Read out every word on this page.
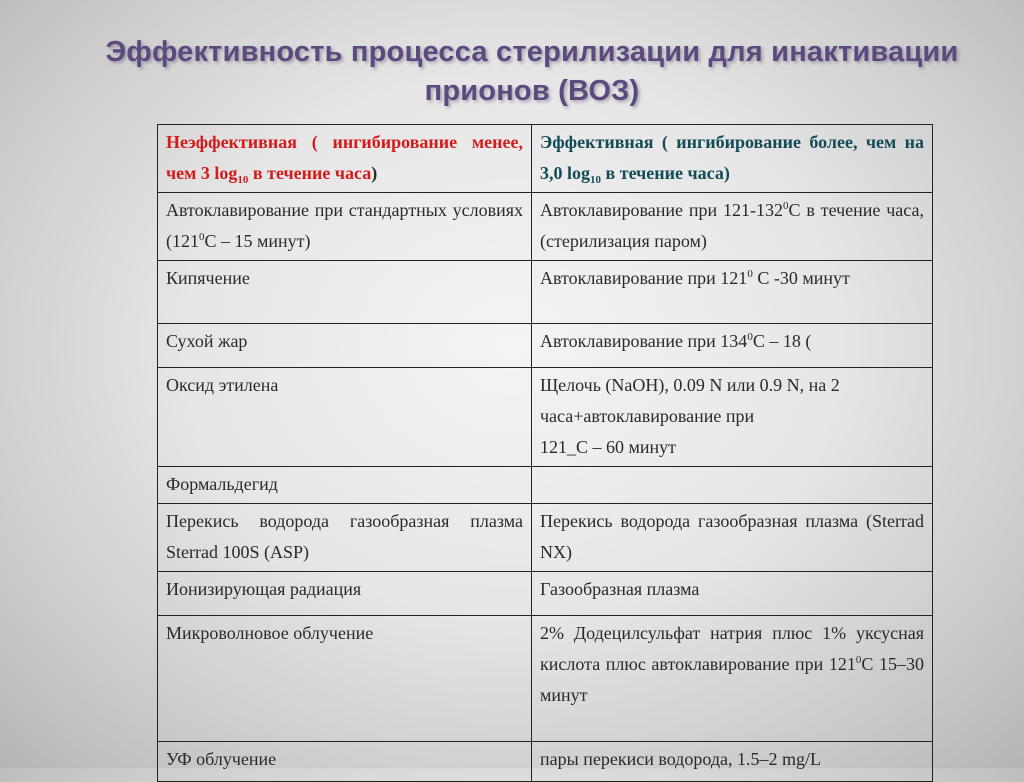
Эффективность процесса стерилизации для инактивации
прионов (ВОЗ)
Неэффективная ( ингибирование менее, чем 3 $\log_{10} в$ течение часа)	Эффективная ( ингибирование более, чем на 3,0 $\log_{10} в$ течение часа)
Автоклавирование при стандартных условиях ($121^0С - 15$ минут)	Автоклавирование при $121-132^0С$ в течение часа, (стерилизация паром)
Кипячение	Автоклавирование при $121^0$ С -30 минут
Сухой жар	Автоклавирование при $134^0С - 18$ (
Оксид этилена	Щелочь (NaOH), 0.09 N или 0.9 N, на 2
часа+автоклавирование при
121_С – 60 минут

Формальдегид	
Перекись водорода газообразная плазма Sterrad 100S (ASP)	Перекись водорода газообразная плазма (Sterrad NX)
Ионизирующая радиация	Газообразная плазма
Микроволновое облучение	2% Додецилсульфат натрия плюс 1% уксусная кислота плюс автоклавирование при $121^0С$ 15–30 минут
УФ облучение	пары перекиси водорода, 1.5–2 mg/L
